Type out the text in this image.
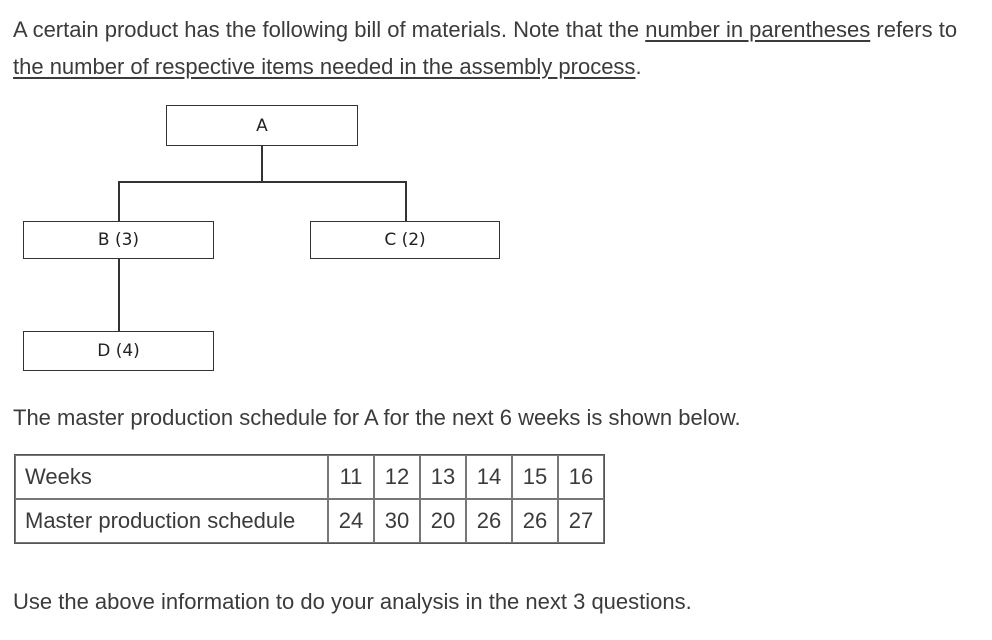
A certain product has the following bill of materials. Note that the number in parentheses refers to the number of respective items needed in the assembly process.

A
B (3)	C (2)
D (4)

The master production schedule for A for the next 6 weeks is shown below.

Weeks	11	12	13	14	15	16
Master production schedule	24	30	20	26	26	27

Use the above information to do your analysis in the next 3 questions.
